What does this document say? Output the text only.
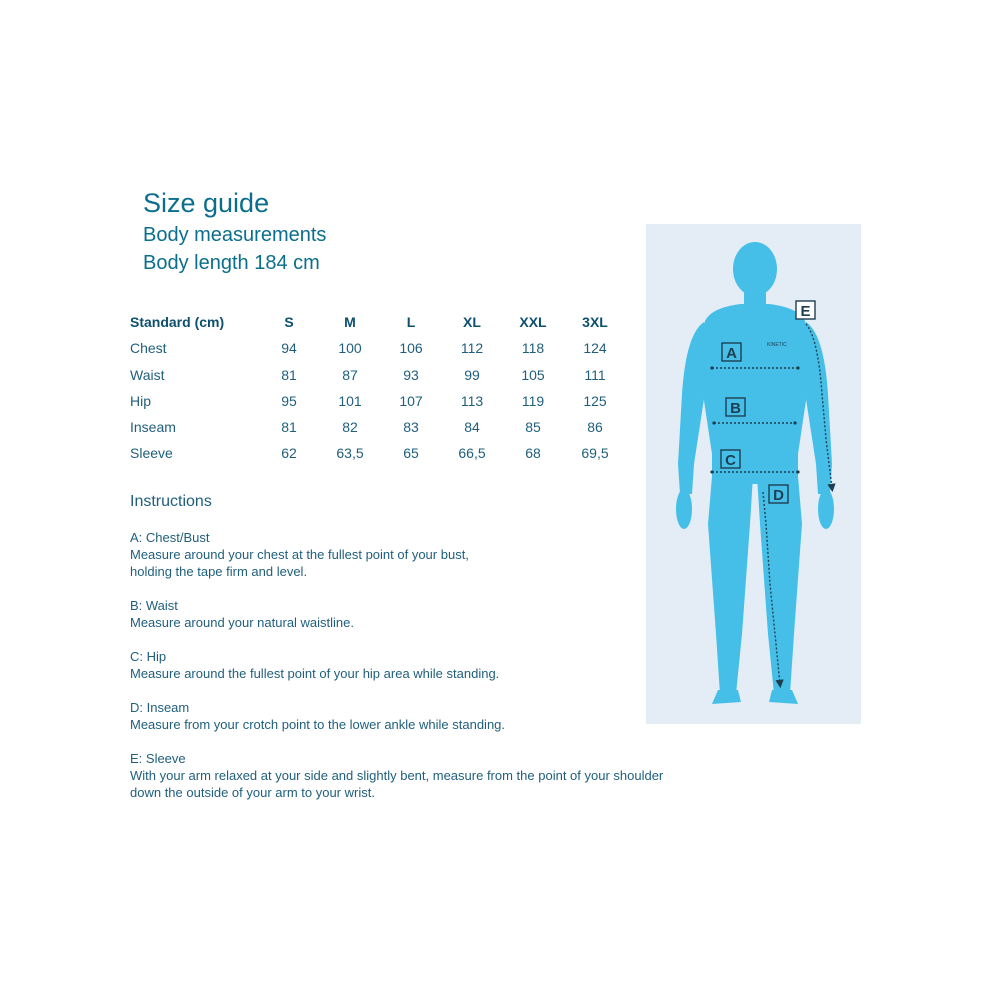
Size guide
Body measurements
Body length 184 cm
Standard (cm)	S	M	L	XL	XXL	3XL
Chest	94	100	106	112	118	124
Waist	81	87	93	99	105	111
Hip	95	101	107	113	119	125
Inseam	81	82	83	84	85	86
Sleeve	62	63,5	65	66,5	68	69,5
Instructions
A: Chest/Bust
Measure around your chest at the fullest point of your bust, holding the tape firm and level.
B: Waist
Measure around your natural waistline.
C: Hip
Measure around the fullest point of your hip area while standing.
D: Inseam
Measure from your crotch point to the lower ankle while standing.
E: Sleeve
With your arm relaxed at your side and slightly bent, measure from the point of your shoulder down the outside of your arm to your wrist.
KINETIC
A
B
C
D
E
